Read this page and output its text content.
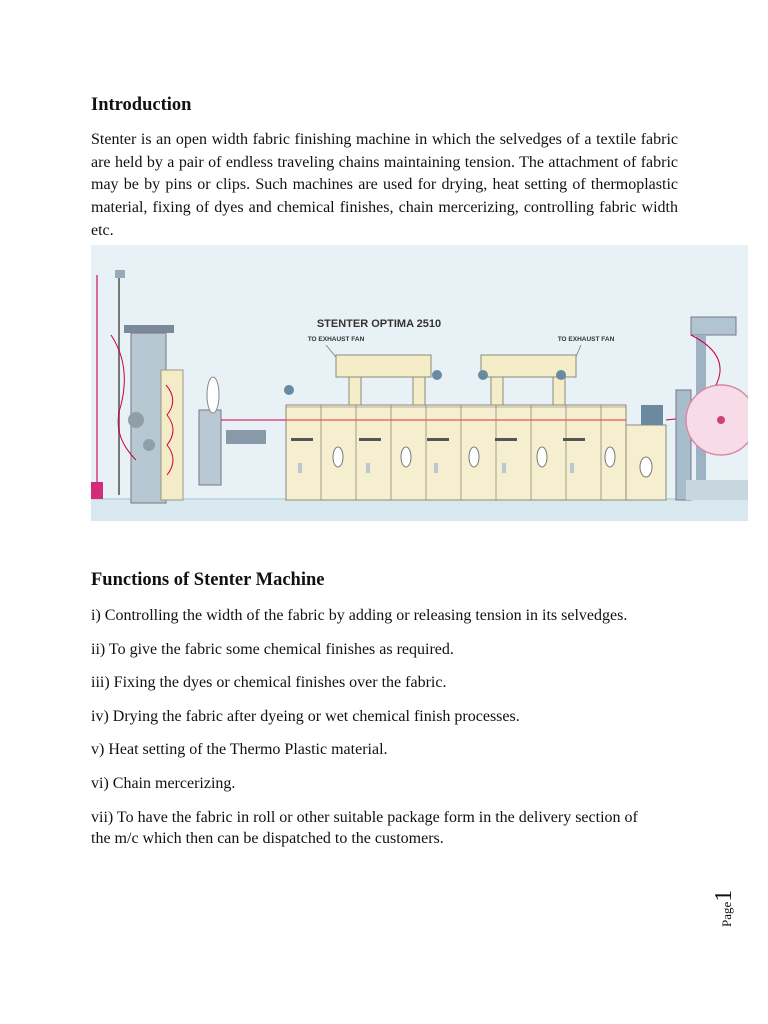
Introduction

Stenter is an open width fabric finishing machine in which the selvedges of a textile fabric are held by a pair of endless traveling chains maintaining tension. The attachment of fabric may be by pins or clips. Such machines are used for drying, heat setting of thermoplastic material, fixing of dyes and chemical finishes, chain mercerizing, controlling fabric width etc.

STENTER OPTIMA 2510
TO EXHAUST FAN	TO EXHAUST FAN
Functions of Stenter Machine
i) Controlling the width of the fabric by adding or releasing tension in its selvedges.
ii) To give the fabric some chemical finishes as required.
iii) Fixing the dyes or chemical finishes over the fabric.
iv) Drying the fabric after dyeing or wet chemical finish processes.
v) Heat setting of the Thermo Plastic material.
vi) Chain mercerizing.
vii) To have the fabric in roll or other suitable package form in the delivery section of the m/c which then can be dispatched to the customers.
Page1
